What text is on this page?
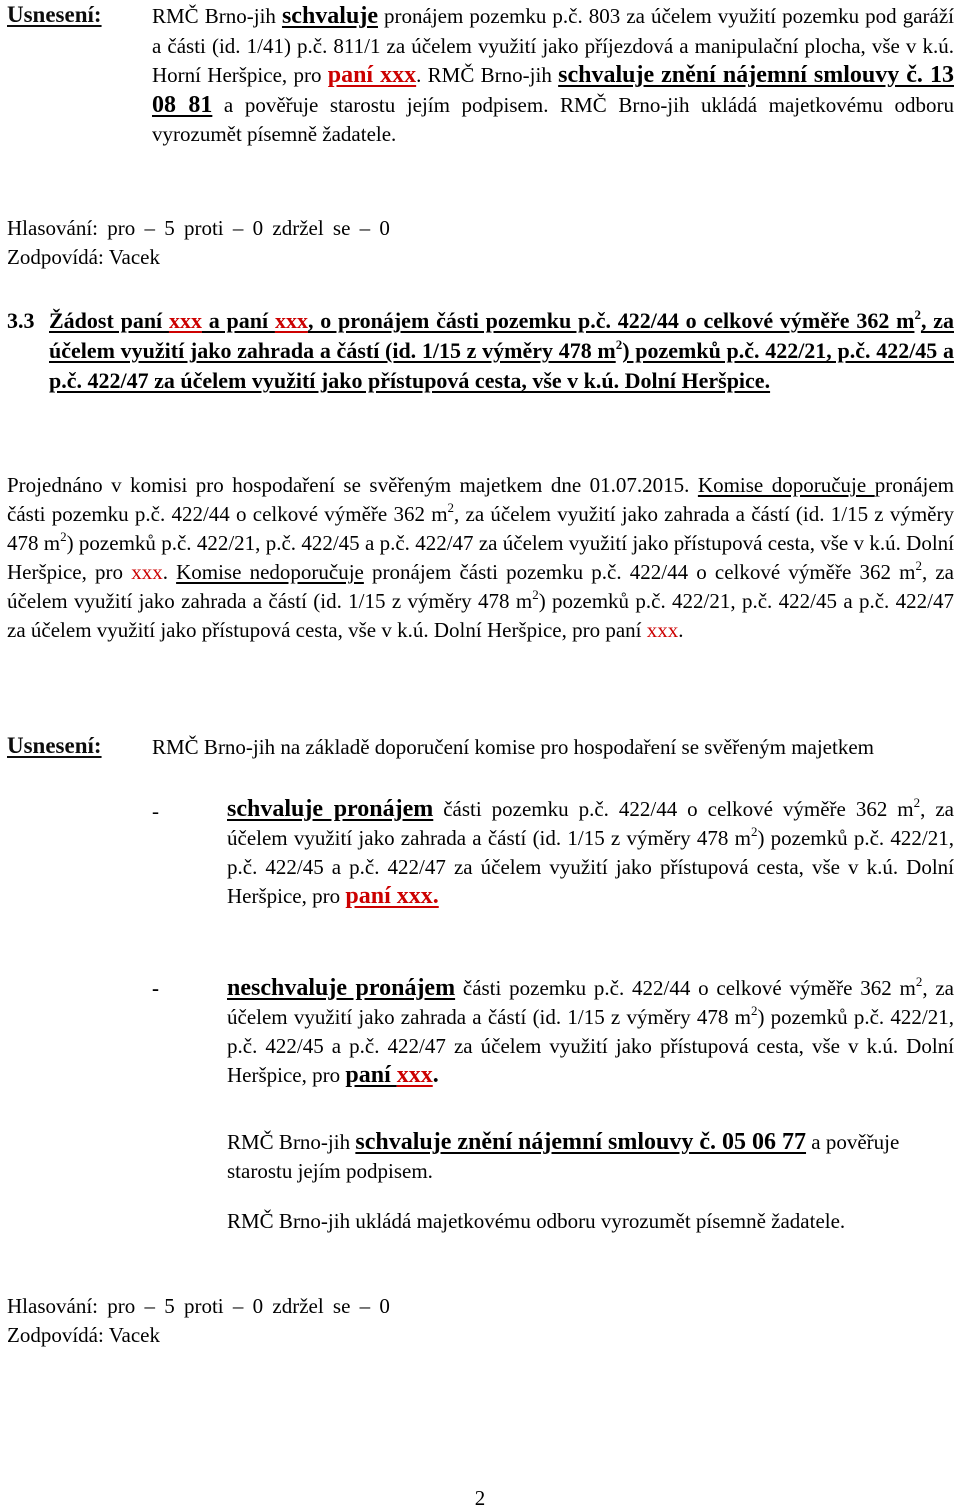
Usnesení: RMČ Brno-jih schvaluje pronájem pozemku p.č. 803 za účelem využití pozemku pod garáží a části (id. 1/41) p.č. 811/1 za účelem využití jako příjezdová a manipulační plocha, vše v k.ú. Horní Heršpice, pro paní xxx. RMČ Brno-jih schvaluje znění nájemní smlouvy č. 13 08 81 a pověřuje starostu jejím podpisem. RMČ Brno-jih ukládá majetkovému odboru vyrozumět písemně žadatele.

Hlasování: pro – 5 proti – 0 zdržel se – 0
Zodpovídá: Vacek
3.3 Žádost paní xxx a paní xxx, o pronájem části pozemku p.č. 422/44 o celkové výměře 362 $m^2$, za účelem využití jako zahrada a částí (id. 1/15 z výměry 478 $m^2$) pozemků p.č. 422/21, p.č. 422/45 a p.č. 422/47 za účelem využití jako přístupová cesta, vše v k.ú. Dolní Heršpice.

Projednáno v komisi pro hospodaření se svěřeným majetkem dne 01.07.2015. Komise doporučuje pronájem části pozemku p.č. 422/44 o celkové výměře 362 $m^2$, za účelem využití jako zahrada a částí (id. 1/15 z výměry 478 $m^2$) pozemků p.č. 422/21, p.č. 422/45 a p.č. 422/47 za účelem využití jako přístupová cesta, vše v k.ú. Dolní Heršpice, pro xxx. Komise nedoporučuje pronájem části pozemku p.č. 422/44 o celkové výměře 362 $m^2$, za účelem využití jako zahrada a částí (id. 1/15 z výměry 478 $m^2$) pozemků p.č. 422/21, p.č. 422/45 a p.č. 422/47 za účelem využití jako přístupová cesta, vše v k.ú. Dolní Heršpice, pro paní xxx.

Usnesení: RMČ Brno-jih na základě doporučení komise pro hospodaření se svěřeným majetkem

-	schvaluje pronájem části pozemku p.č. 422/44 o celkové výměře 362 $m^2$, za účelem využití jako zahrada a částí (id. 1/15 z výměry 478 $m^2$) pozemků p.č. 422/21, p.č. 422/45 a p.č. 422/47 za účelem využití jako přístupová cesta, vše v k.ú. Dolní Heršpice, pro paní xxx.

-	neschvaluje pronájem části pozemku p.č. 422/44 o celkové výměře 362 $m^2$, za účelem využití jako zahrada a částí (id. 1/15 z výměry 478 $m^2$) pozemků p.č. 422/21, p.č. 422/45 a p.č. 422/47 za účelem využití jako přístupová cesta, vše v k.ú. Dolní Heršpice, pro paní xxx.

RMČ Brno-jih schvaluje znění nájemní smlouvy č. 05 06 77 a pověřuje starostu jejím podpisem.

RMČ Brno-jih ukládá majetkovému odboru vyrozumět písemně žadatele.

Hlasování: pro – 5 proti – 0 zdržel se – 0
Zodpovídá: Vacek
2
